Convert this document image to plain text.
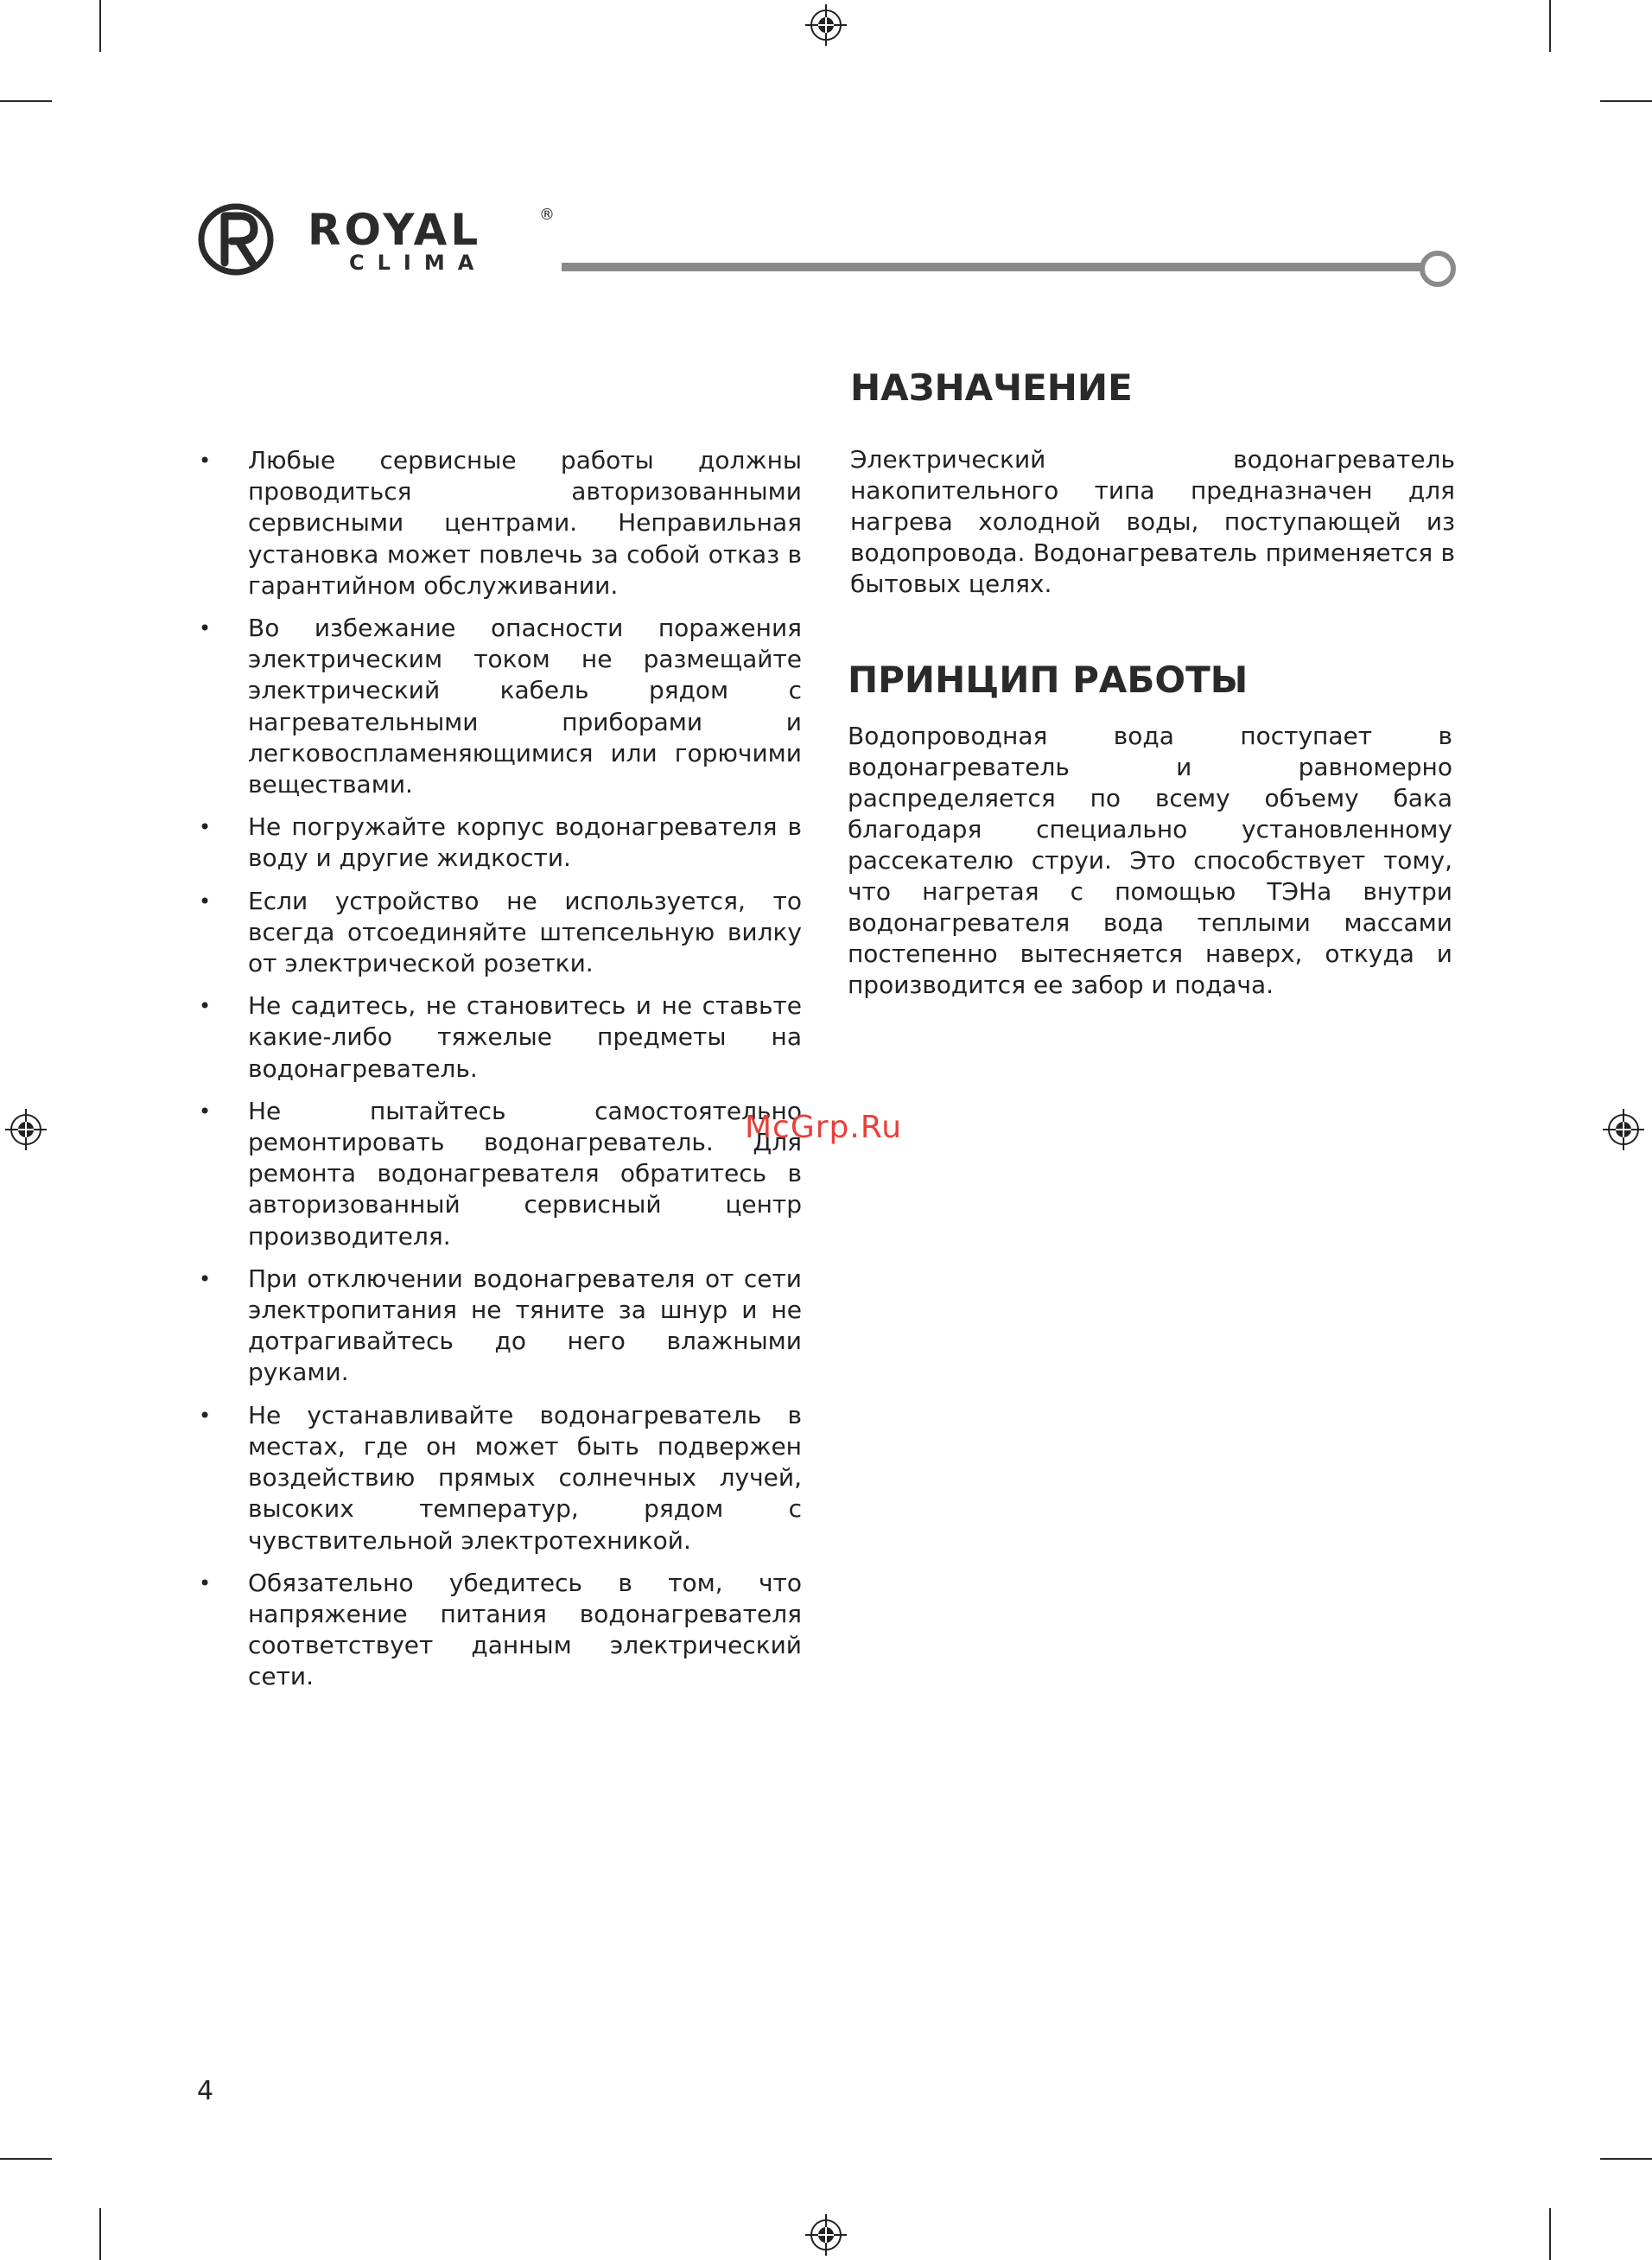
ROYAL	®
CLIMA
• Любые сервисные работы должны проводиться авторизованными сервисными центрами. Неправильная установка может повлечь за собой отказ в гарантийном обслуживании.
• Во избежание опасности поражения электрическим током не размещайте электрический кабель рядом с нагревательными приборами и легковоспламеняющимися или горючими веществами.
• Не погружайте корпус водонагревателя в воду и другие жидкости.
• Если устройство не используется, то всегда отсоединяйте штепсельную вилку от электрической розетки.
• Не садитесь, не становитесь и не ставьте какие-либо тяжелые предметы на водонагреватель.
• Не пытайтесь самостоятельно ремонтировать водонагреватель. Для ремонта водонагревателя обратитесь в авторизованный сервисный центр производителя.
• При отключении водонагревателя от сети электропитания не тяните за шнур и не дотрагивайтесь до него влажными руками.
• Не устанавливайте водонагреватель в местах, где он может быть подвержен воздействию прямых солнечных лучей, высоких температур, рядом с чувствительной электротехникой.
• Обязательно убедитесь в том, что напряжение питания водонагревателя соответствует данным электрический сети.
НАЗНАЧЕНИЕ

Электрический водонагреватель накопительного типа предназначен для нагрева холодной воды, поступающей из водопровода. Водонагреватель применяется в бытовых целях.

ПРИНЦИП РАБОТЫ

Водопроводная вода поступает в водонагреватель и равномерно распределяется по всему объему бака благодаря специально установленному рассекателю струи. Это способствует тому, что нагретая с помощью ТЭНа внутри водонагревателя вода теплыми массами постепенно вытесняется наверх, откуда и производится ее забор и подача.

McGrp.Ru
4
